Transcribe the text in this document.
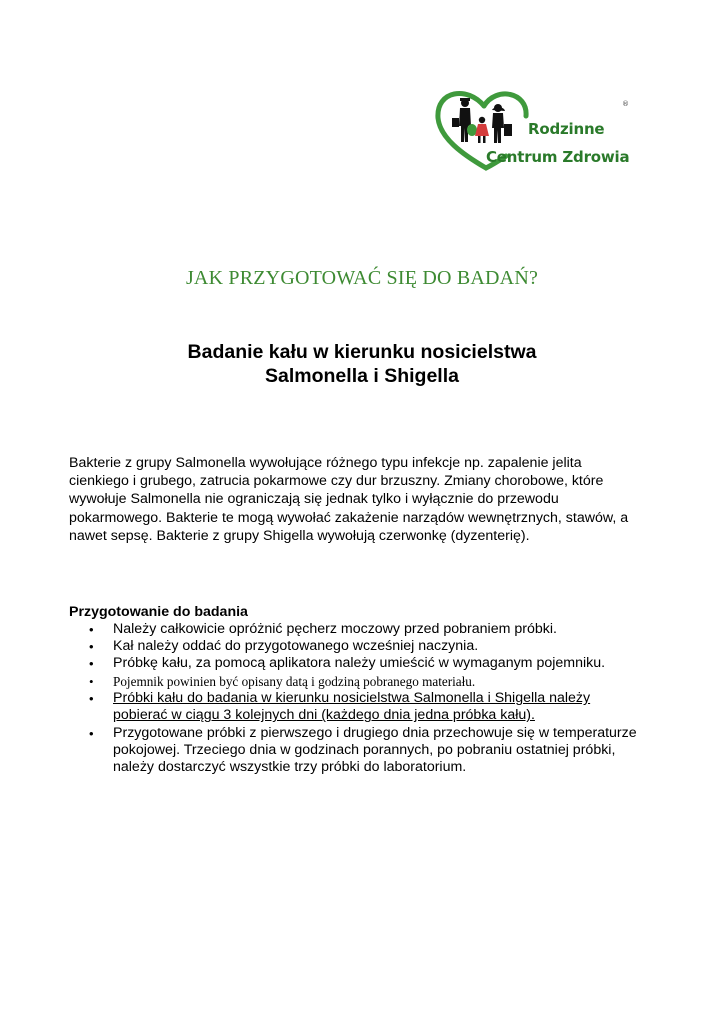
Rodzinne
Centrum Zdrowia
®
JAK PRZYGOTOWAĆ SIĘ DO BADAŃ?
Badanie kału w kierunku nosicielstwa
Salmonella i Shigella
Bakterie z grupy Salmonella wywołujące różnego typu infekcje np. zapalenie jelita
cienkiego i grubego, zatrucia pokarmowe czy dur brzuszny. Zmiany chorobowe, które
wywołuje Salmonella nie ograniczają się jednak tylko i wyłącznie do przewodu
pokarmowego. Bakterie te mogą wywołać zakażenie narządów wewnętrznych, stawów, a
nawet sepsę. Bakterie z grupy Shigella wywołują czerwonkę (dyzenterię).
Przygotowanie do badania
• Należy całkowicie opróżnić pęcherz moczowy przed pobraniem próbki.
• Kał należy oddać do przygotowanego wcześniej naczynia.
• Próbkę kału, za pomocą aplikatora należy umieścić w wymaganym pojemniku.
• Pojemnik powinien być opisany datą i godziną pobranego materiału.
• Próbki kału do badania w kierunku nosicielstwa Salmonella i Shigella należy
pobierać w ciągu 3 kolejnych dni (każdego dnia jedna próbka kału).
• Przygotowane próbki z pierwszego i drugiego dnia przechowuje się w temperaturze
pokojowej. Trzeciego dnia w godzinach porannych, po pobraniu ostatniej próbki,
należy dostarczyć wszystkie trzy próbki do laboratorium.
